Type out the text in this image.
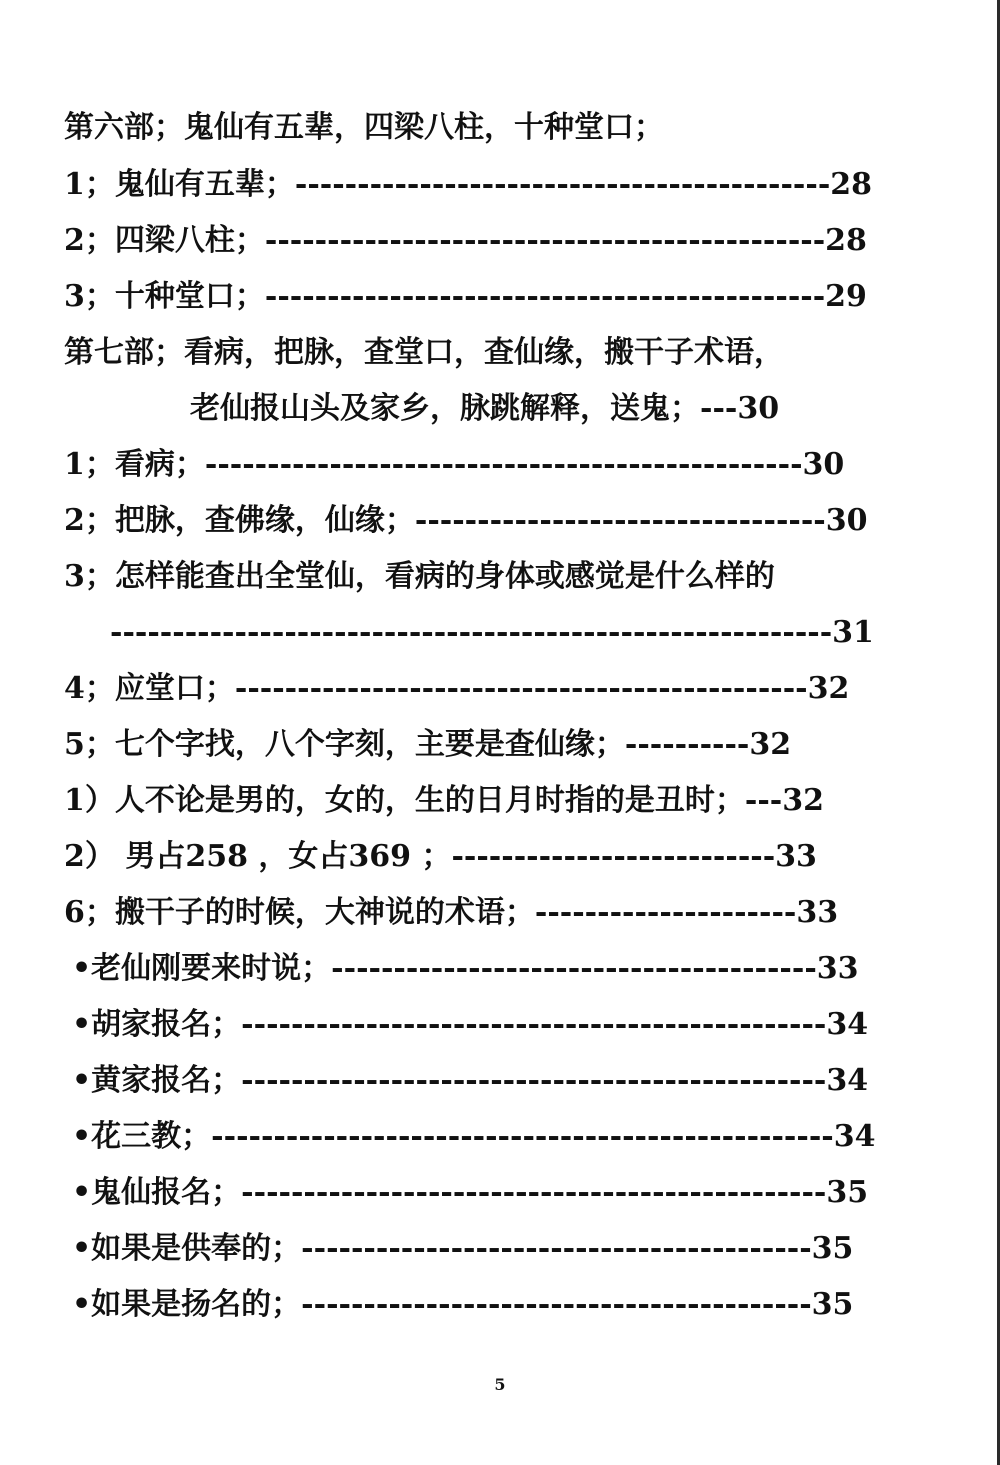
第六部；鬼仙有五辈，四梁八柱，十种堂口；
1；鬼仙有五辈；-------------------------------------------28
2；四梁八柱；---------------------------------------------28
3；十种堂口；---------------------------------------------29
第七部；看病，把脉，查堂口，查仙缘，搬干子术语，
老仙报山头及家乡，脉跳解释，送鬼；---30
1；看病；------------------------------------------------30
2；把脉，查佛缘，仙缘；---------------------------------30
3；怎样能查出全堂仙，看病的身体或感觉是什么样的
----------------------------------------------------------31
4；应堂口；----------------------------------------------32
5；七个字找，八个字刻，主要是查仙缘；----------32
1）人不论是男的，女的，生的日月时指的是丑时；---32
2） 男占258 ，女占369 ；--------------------------33
6；搬干子的时候，大神说的术语；---------------------33
•老仙刚要来时说；---------------------------------------33
•胡家报名；-----------------------------------------------34
•黄家报名；-----------------------------------------------34
•花三教；--------------------------------------------------34
•鬼仙报名；-----------------------------------------------35
•如果是供奉的；-----------------------------------------35
•如果是扬名的；-----------------------------------------35
5
